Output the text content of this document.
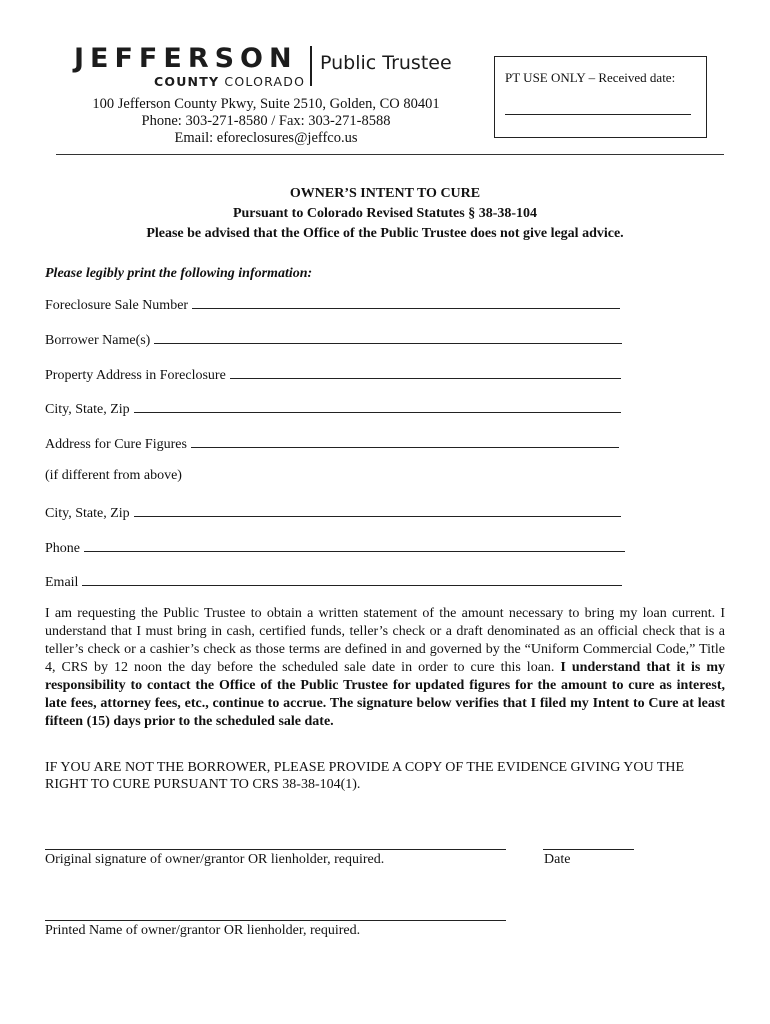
JEFFERSON
COUNTY COLORADO
Public Trustee
100 Jefferson County Pkwy, Suite 2510, Golden, CO 80401
Phone: 303-271-8580 / Fax: 303-271-8588
Email: eforeclosures@jeffco.us
PT USE ONLY – Received date:
OWNER’S INTENT TO CURE
Pursuant to Colorado Revised Statutes § 38-38-104
Please be advised that the Office of the Public Trustee does not give legal advice.
Please legibly print the following information:
Foreclosure Sale Number
Borrower Name(s)
Property Address in Foreclosure
City, State, Zip
Address for Cure Figures
(if different from above)
City, State, Zip
Phone
Email
I am requesting the Public Trustee to obtain a written statement of the amount necessary to bring my loan current. I understand that I must bring in cash, certified funds, teller’s check or a draft denominated as an official check that is a teller’s check or a cashier’s check as those terms are defined in and governed by the “Uniform Commercial Code,” Title 4, CRS by 12 noon the day before the scheduled sale date in order to cure this loan. I understand that it is my responsibility to contact the Office of the Public Trustee for updated figures for the amount to cure as interest, late fees, attorney fees, etc., continue to accrue. The signature below verifies that I filed my Intent to Cure at least fifteen (15) days prior to the scheduled sale date.
IF YOU ARE NOT THE BORROWER, PLEASE PROVIDE A COPY OF THE EVIDENCE GIVING YOU THE RIGHT TO CURE PURSUANT TO CRS 38-38-104(1).
Original signature of owner/grantor OR lienholder, required.	Date
Printed Name of owner/grantor OR lienholder, required.
